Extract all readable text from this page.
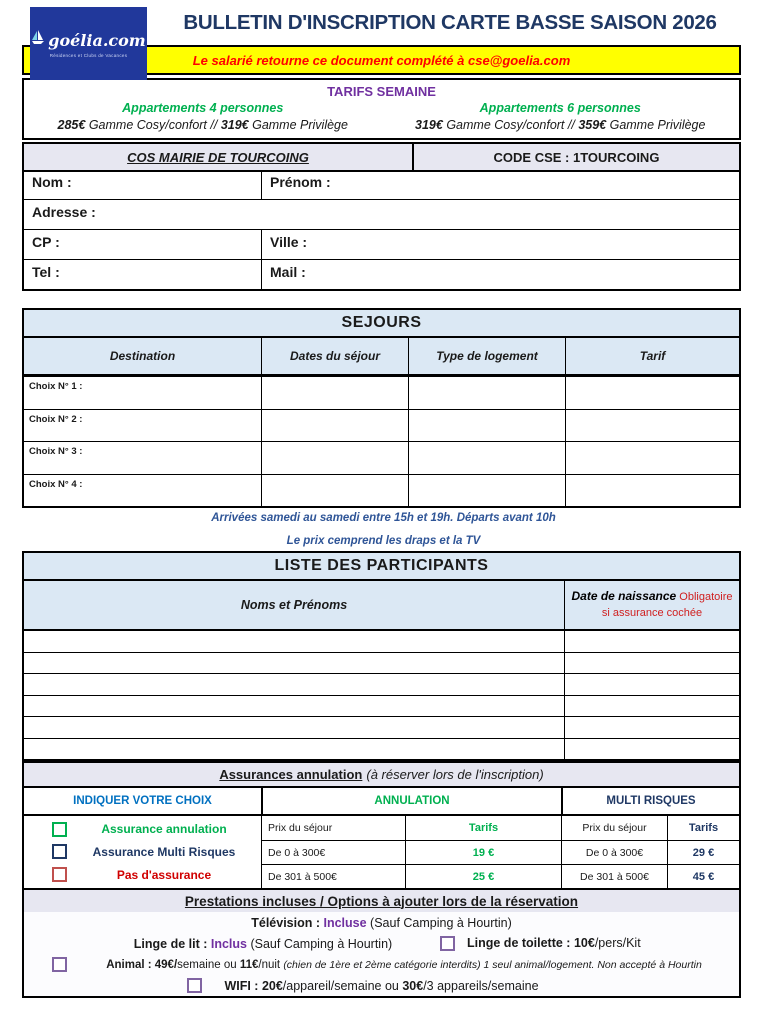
goélia.com
Résidences et Clubs de Vacances
BULLETIN D'INSCRIPTION CARTE BASSE SAISON 2026
Le salarié retourne ce document complété à cse@goelia.com
TARIFS SEMAINE
Appartements 4 personnes
285€ Gamme Cosy/confort // 319€ Gamme Privilège
Appartements 6 personnes
319€ Gamme Cosy/confort // 359€ Gamme Privilège
COS MAIRIE DE TOURCOING	CODE CSE : 1TOURCOING
Nom :	Prénom :
Adresse :
CP :	Ville :
Tel :	Mail :
SEJOURS
Destination	Dates du séjour	Type de logement	Tarif
Choix N° 1 :
Choix N° 2 :
Choix N° 3 :
Choix N° 4 :
Arrivées samedi au samedi entre 15h et 19h. Départs avant 10h
Le prix cemprend les draps et la TV
LISTE DES PARTICIPANTS
Noms et Prénoms
Date de naissance Obligatoire si assurance cochée
Assurances annulation (à réserver lors de l'inscription)
INDIQUER VOTRE CHOIX	ANNULATION	MULTI RISQUES
Assurance annulation
Assurance Multi Risques
Pas d'assurance
Prix du séjour	Tarifs	Prix du séjour	Tarifs
De 0 à 300€	19 €	De 0 à 300€	29 €
De 301 à 500€	25 €	De 301 à 500€	45 €
Prestations incluses / Options à ajouter lors de la réservation
Télévision : Incluse (Sauf Camping à Hourtin)
Linge de lit : Inclus (Sauf Camping à Hourtin)	Linge de toilette : 10€/pers/Kit
Animal : 49€/semaine ou 11€/nuit (chien de 1ère et 2ème catégorie interdits) 1 seul animal/logement. Non accepté à Hourtin
WIFI : 20€/appareil/semaine ou 30€/3 appareils/semaine
